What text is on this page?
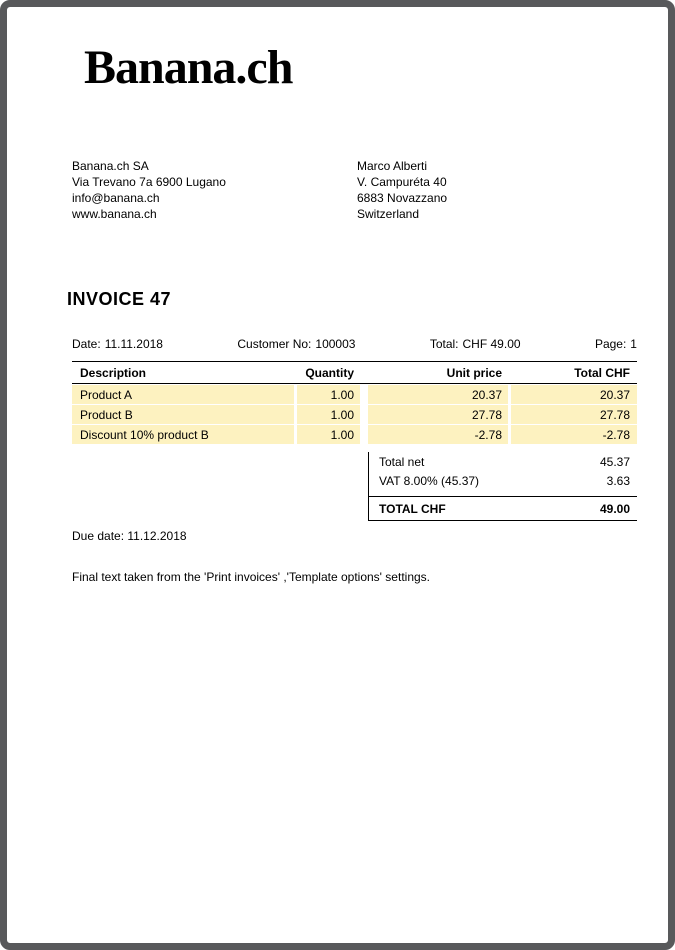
Banana.ch
Banana.ch SA
Via Trevano 7a 6900 Lugano
info@banana.ch
www.banana.ch
Marco Alberti
V. Campuréta 40
6883 Novazzano
Switzerland
INVOICE 47
Date: 11.11.2018	Customer No: 100003	Total: CHF 49.00	Page: 1
Description	Quantity	Unit price	Total CHF
Product A	1.00	20.37	20.37
Product B	1.00	27.78	27.78
Discount 10% product B	1.00	-2.78	-2.78
Total net	45.37
VAT 8.00% (45.37)	3.63
TOTAL CHF	49.00
Due date: 11.12.2018
Final text taken from the 'Print invoices' ,'Template options' settings.
